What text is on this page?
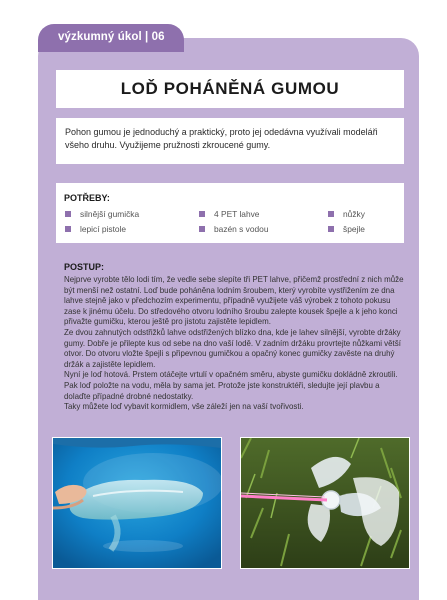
výzkumný úkol | 06
LOĎ POHÁNĚNÁ GUMOU
Pohon gumou je jednoduchý a praktický, proto jej odedávna využívali modeláři všeho druhu. Využijeme pružnosti zkroucené gumy.
POTŘEBY:
silnější gumička	4 PET lahve	nůžky
lepicí pistole	bazén s vodou	špejle
POSTUP:

Nejprve vyrobte tělo lodi tím, že vedle sebe slepíte tři PET lahve, přičemž prostřední z nich může být menší než ostatní. Loď bude poháněna lodním šroubem, který vyrobíte vystřižením ze dna lahve stejně jako v předchozím experimentu, případně využijete váš výrobek z tohoto pokusu zase k jinému účelu. Do středového otvoru lodního šroubu zalepte kousek špejle a k jeho konci přivažte gumičku, kterou ještě pro jistotu zajistěte lepidlem.

Ze dvou zahnutých odstřižků lahve odstřižených blízko dna, kde je lahev silnější, vyrobte držáky gumy. Dobře je přilepte kus od sebe na dno vaší lodě. V zadním držáku provrtejte nůžkami větší otvor. Do otvoru vložte špejli s připevnou gumičkou a opačný konec gumičky zavěste na druhý držák a zajistěte lepidlem.

Nyní je loď hotová. Prstem otáčejte vrtulí v opačném směru, abyste gumičku dokládně zkroutili. Pak loď položte na vodu, měla by sama jet. Protože jste konstruktéři, sledujte její plavbu a dolaďte případné drobné nedostatky.

Taky můžete loď vybavit kormidlem, vše záleží jen na vaší tvořivosti.
